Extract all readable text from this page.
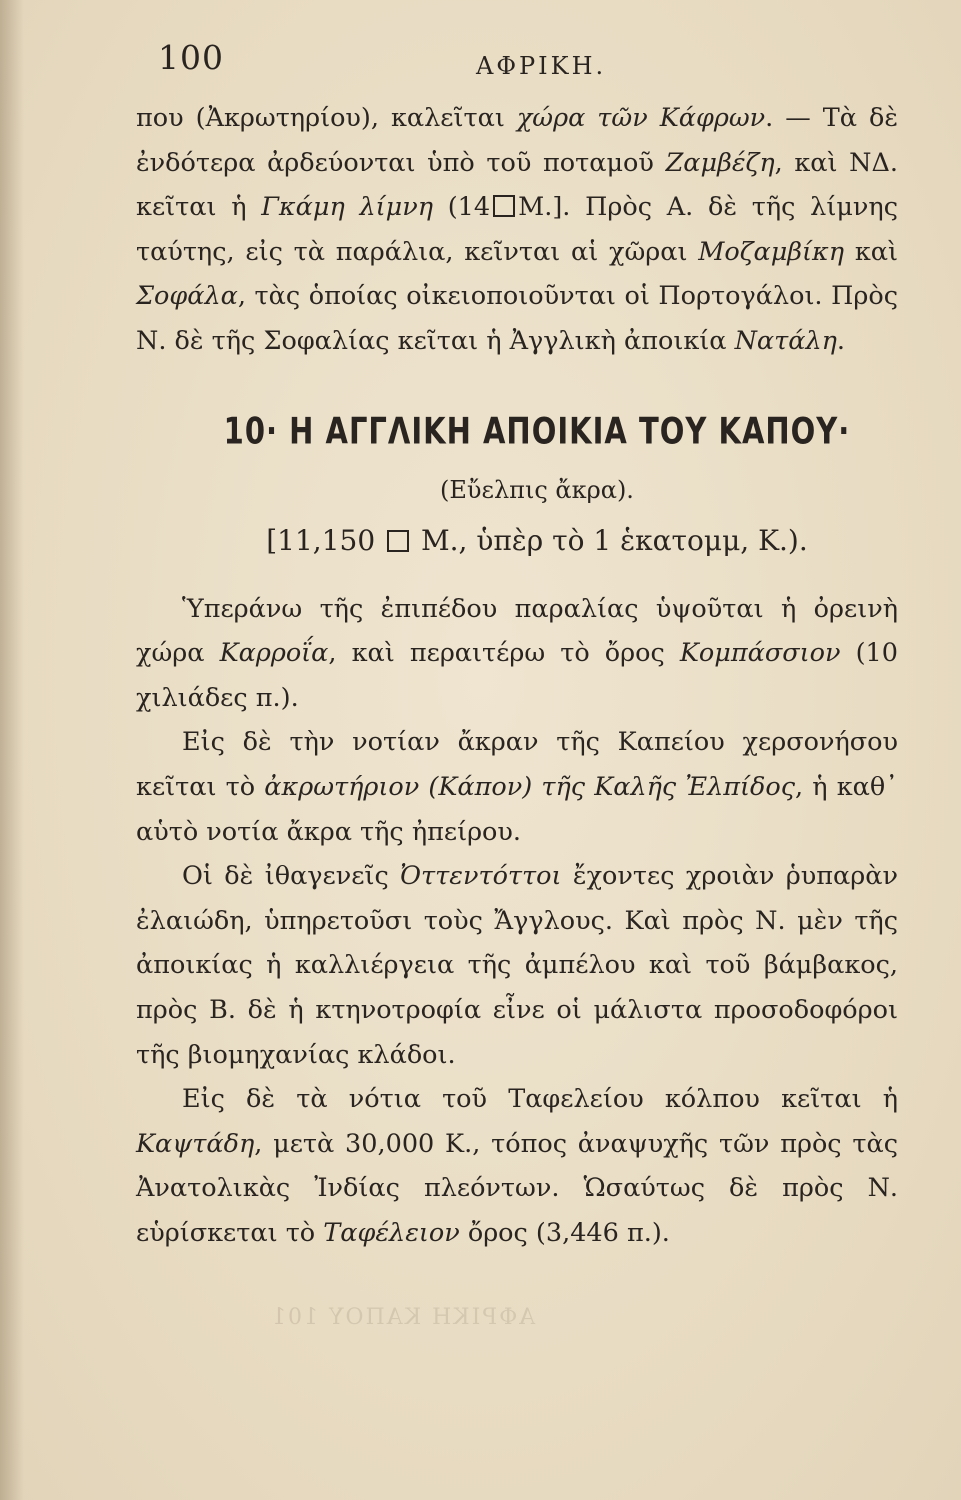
ΑΦΡΙΚΗ ΚΑΠΟΥ 101
100	ΑΦΡΙΚΗ.

που (Ἀκρωτηρίου), καλεῖται χώρα τῶν Κάφρων. — Τὰ δὲ ἐνδότερα ἀρδεύονται ὑπὸ τοῦ ποταμοῦ Ζαμβέζη, καὶ ΝΔ. κεῖται ἡ Γκάμη λίμνη (14 Μ.]. Πρὸς Α. δὲ τῆς λίμνης ταύτης, εἰς τὰ παράλια, κεῖνται αἱ χῶραι Μοζαμβίκη καὶ Σοφάλα, τὰς ὁποίας οἰκειοποιοῦνται οἱ Πορτογάλοι. Πρὸς Ν. δὲ τῆς Σοφαλίας κεῖται ἡ Ἀγγλικὴ ἀποικία Νατάλη.

10· Η ΑΓΓΛΙΚΗ ΑΠΟΙΚΙΑ ΤΟΥ ΚΑΠΟΥ·
(Εὔελπις ἄκρα).
[11,150 Μ., ὑπὲρ τὸ 1 ἑκατομμ, Κ.).

Ὑπεράνω τῆς ἐπιπέδου παραλίας ὑψοῦται ἡ ὀρεινὴ χώρα Καρροΐα, καὶ περαιτέρω τὸ ὄρος Κομπάσσιον (10 χιλιάδες π.).

Εἰς δὲ τὴν νοτίαν ἄκραν τῆς Καπείου χερσονήσου κεῖται τὸ ἀκρωτήριον (Κάπον) τῆς Καλῆς Ἐλπίδος, ἡ καθ᾽ αὑτὸ νοτία ἄκρα τῆς ἠπείρου.

Οἱ δὲ ἰθαγενεῖς Ὀττεντόττοι ἔχοντες χροιὰν ῥυπαρὰν ἐλαιώδη, ὑπηρετοῦσι τοὺς Ἄγγλους. Καὶ πρὸς Ν. μὲν τῆς ἀποικίας ἡ καλλιέργεια τῆς ἀμπέλου καὶ τοῦ βάμβακος, πρὸς Β. δὲ ἡ κτηνοτροφία εἶνε οἱ μάλιστα προσοδοφόροι τῆς βιομηχανίας κλάδοι.

Εἰς δὲ τὰ νότια τοῦ Ταφελείου κόλπου κεῖται ἡ Καψτάδη, μετὰ 30,000 Κ., τόπος ἀναψυχῆς τῶν πρὸς τὰς Ἀνατολικὰς Ἰνδίας πλεόντων. Ὡσαύτως δὲ πρὸς Ν. εὑρίσκεται τὸ Ταφέλειον ὄρος (3,446 π.).
